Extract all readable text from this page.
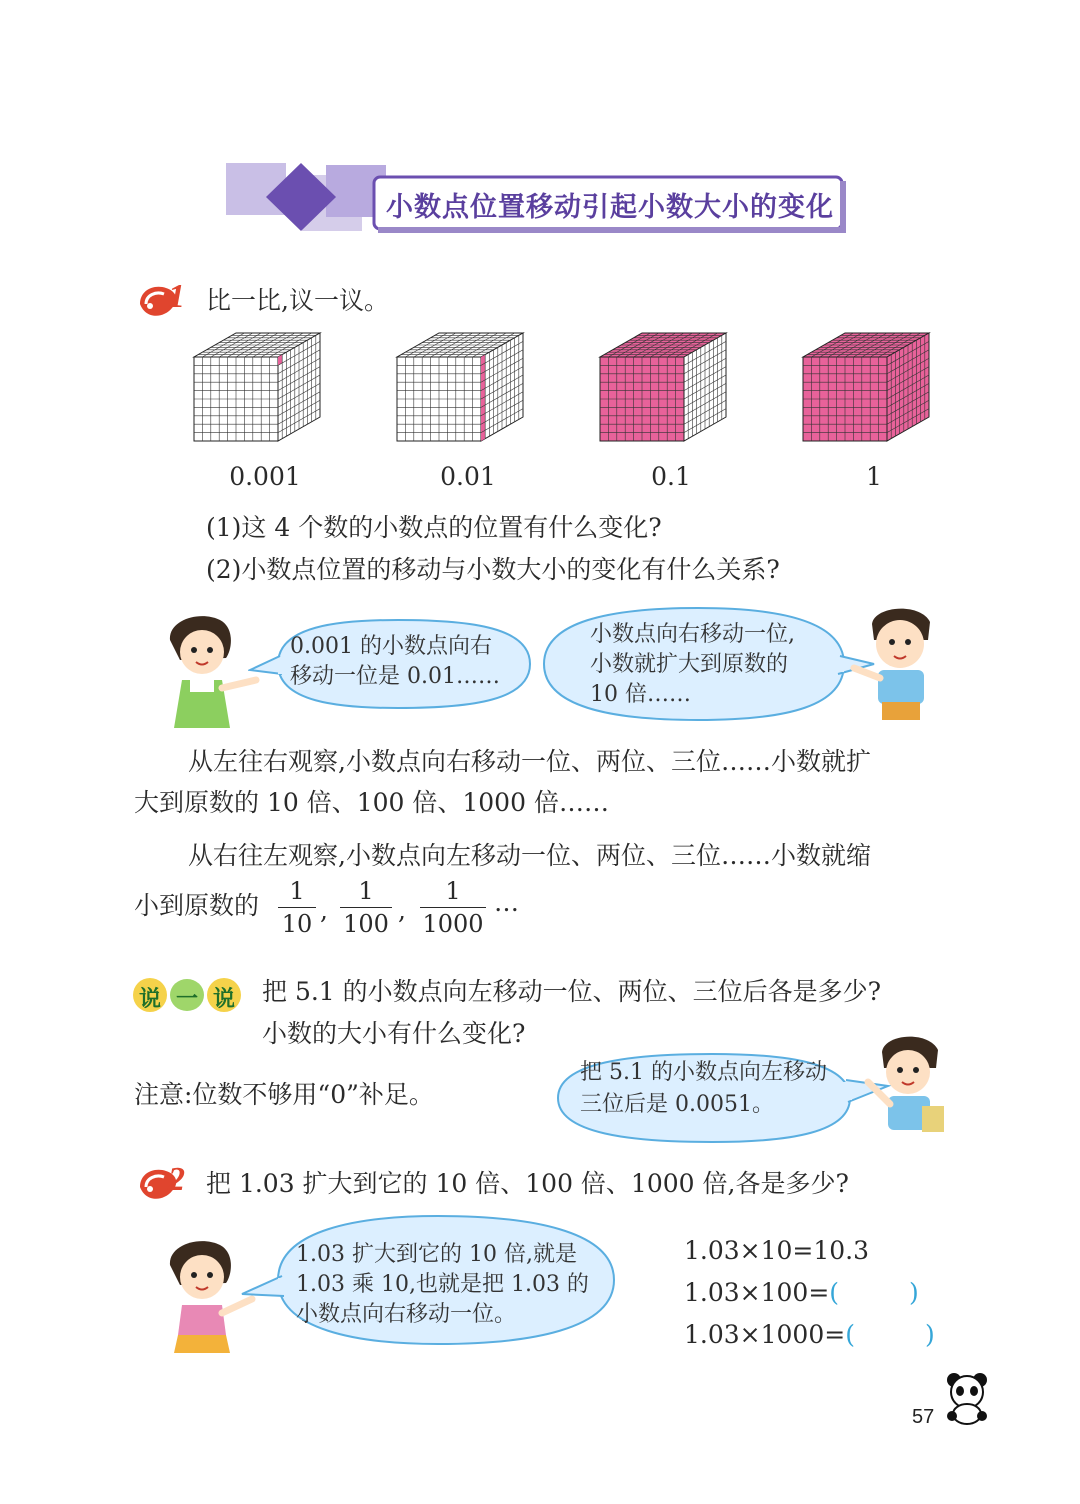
小数点位置移动引起小数大小的变化
1 比一比,议一议。
0.001	0.01	0.1	1
(1)这 4 个数的小数点的位置有什么变化?
(2)小数点位置的移动与小数大小的变化有什么关系?
0.001 的小数点向右
移动一位是 0.01……
小数点向右移动一位,
小数就扩大到原数的
10 倍……
从左往右观察,小数点向右移动一位、两位、三位……小数就扩
大到原数的 10 倍、100 倍、1000 倍……
从右往左观察,小数点向左移动一位、两位、三位……小数就缩
小到原数的	1
10 ,
1
100 ,
1
1000
…
说 一 说 把 5.1 的小数点向左移动一位、两位、三位后各是多少?
小数的大小有什么变化?
注意:位数不够用“0”补足。
把 5.1 的小数点向左移动
三位后是 0.0051。
2 把 1.03 扩大到它的 10 倍、100 倍、1000 倍,各是多少?
1.03 扩大到它的 10 倍,就是
1.03 乘 10,也就是把 1.03 的
小数点向右移动一位。
1.03×10=10.3
1.03×100=(	)
1.03×1000=(	)
57
